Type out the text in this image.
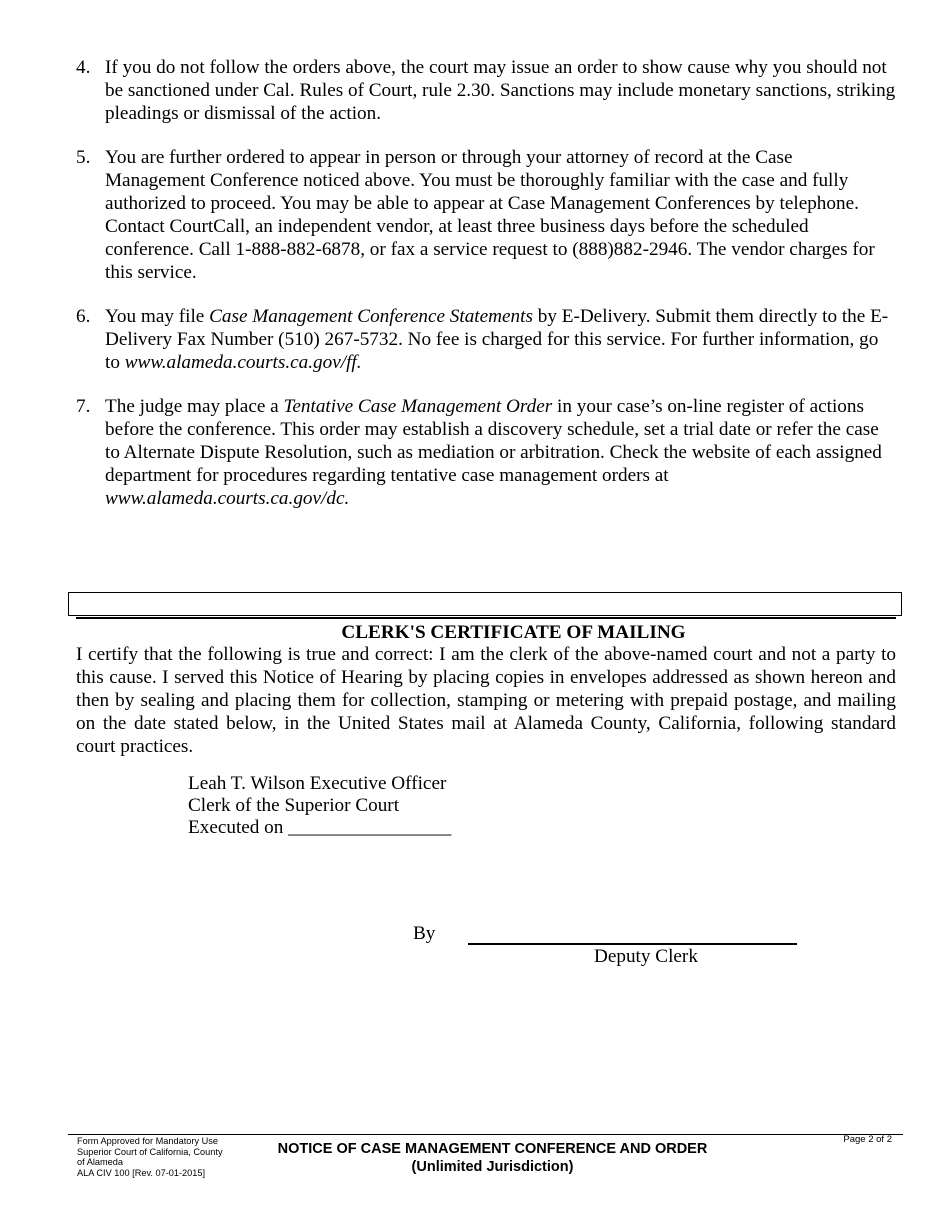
4. If you do not follow the orders above, the court may issue an order to show cause why you should not be sanctioned under Cal. Rules of Court, rule 2.30. Sanctions may include monetary sanctions, striking pleadings or dismissal of the action.
5. You are further ordered to appear in person or through your attorney of record at the Case Management Conference noticed above. You must be thoroughly familiar with the case and fully authorized to proceed. You may be able to appear at Case Management Conferences by telephone. Contact CourtCall, an independent vendor, at least three business days before the scheduled conference. Call 1-888-882-6878, or fax a service request to (888)882-2946. The vendor charges for this service.
6. You may file Case Management Conference Statements by E-Delivery. Submit them directly to the E-Delivery Fax Number (510) 267-5732. No fee is charged for this service. For further information, go to www.alameda.courts.ca.gov/ff.
7. The judge may place a Tentative Case Management Order in your case’s on-line register of actions before the conference. This order may establish a discovery schedule, set a trial date or refer the case to Alternate Dispute Resolution, such as mediation or arbitration. Check the website of each assigned department for procedures regarding tentative case management orders at www.alameda.courts.ca.gov/dc.
CLERK'S CERTIFICATE OF MAILING
I certify that the following is true and correct: I am the clerk of the above-named court and not a party to this cause. I served this Notice of Hearing by placing copies in envelopes addressed as shown hereon and then by sealing and placing them for collection, stamping or metering with prepaid postage, and mailing on the date stated below, in the United States mail at Alameda County, California, following standard court practices.
Leah T. Wilson Executive Officer
Clerk of the Superior Court
Executed on _________________
By
Deputy Clerk
Form Approved for Mandatory Use
Superior Court of California, County
of Alameda
ALA CIV 100 [Rev. 07-01-2015]
NOTICE OF CASE MANAGEMENT CONFERENCE AND ORDER
(Unlimited Jurisdiction)
Page 2 of 2
